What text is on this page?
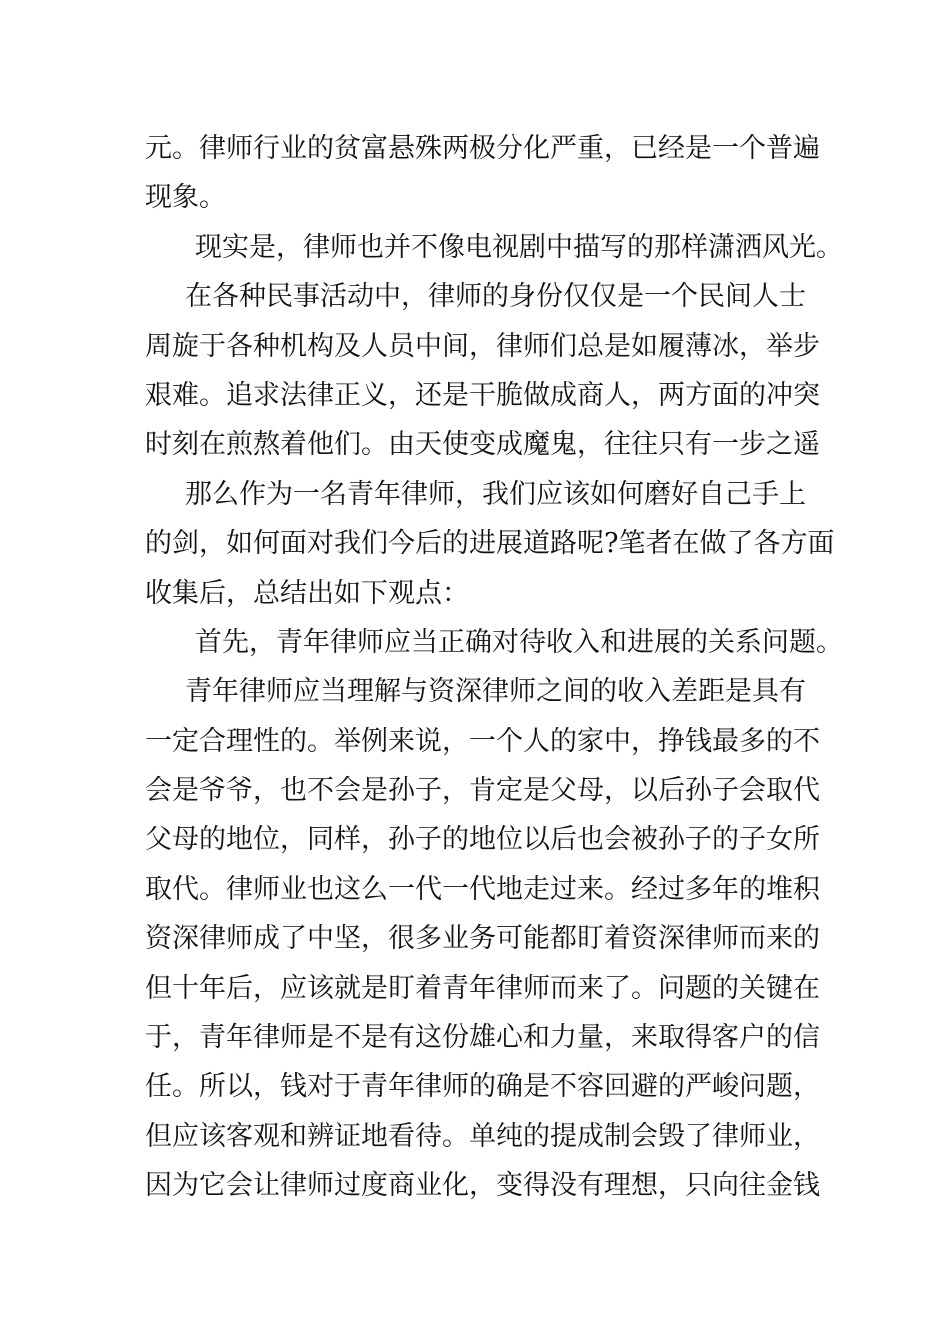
元。律师行业的贫富悬殊两极分化严重，已经是一个普遍
现象。
现实是，律师也并不像电视剧中描写的那样潇洒风光。
在各种民事活动中，律师的身份仅仅是一个民间人士
周旋于各种机构及人员中间，律师们总是如履薄冰，举步
艰难。追求法律正义，还是干脆做成商人，两方面的冲突
时刻在煎熬着他们。由天使变成魔鬼，往往只有一步之遥
那么作为一名青年律师，我们应该如何磨好自己手上
的剑，如何面对我们今后的进展道路呢?笔者在做了各方面
收集后，总结出如下观点：
首先，青年律师应当正确对待收入和进展的关系问题。
青年律师应当理解与资深律师之间的收入差距是具有
一定合理性的。举例来说，一个人的家中，挣钱最多的不
会是爷爷，也不会是孙子，肯定是父母，以后孙子会取代
父母的地位，同样，孙子的地位以后也会被孙子的子女所
取代。律师业也这么一代一代地走过来。经过多年的堆积
资深律师成了中坚，很多业务可能都盯着资深律师而来的
但十年后，应该就是盯着青年律师而来了。问题的关键在
于，青年律师是不是有这份雄心和力量，来取得客户的信
任。所以，钱对于青年律师的确是不容回避的严峻问题，
但应该客观和辨证地看待。单纯的提成制会毁了律师业，
因为它会让律师过度商业化，变得没有理想，只向往金钱
